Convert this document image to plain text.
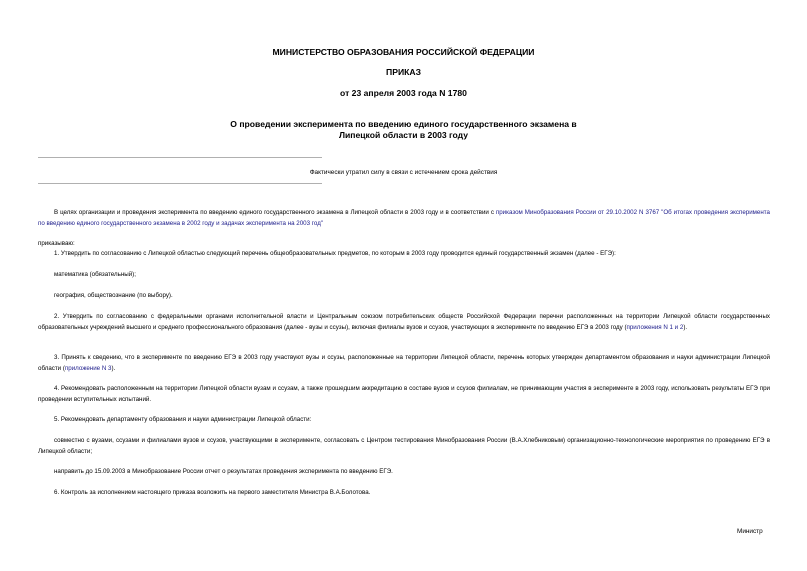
МИНИСТЕРСТВО ОБРАЗОВАНИЯ РОССИЙСКОЙ ФЕДЕРАЦИИ
ПРИКАЗ
от 23 апреля 2003 года N 1780
О проведении эксперимента по введению единого государственного экзамена в
Липецкой области в 2003 году
Фактически утратил силу в связи с истечением срока действия
В целях организации и проведения эксперимента по введению единого государственного экзамена в Липецкой области в 2003 году и в соответствии с приказом Минобразования России от 29.10.2002 N 3767 "Об итогах проведения эксперимента по введению единого государственного экзамена в 2002 году и задачах эксперимента на 2003 год"
приказываю:
1. Утвердить по согласованию с Липецкой областью следующий перечень общеобразовательных предметов, по которым в 2003 году проводится единый государственный экзамен (далее - ЕГЭ):
математика (обязательный);
география, обществознание (по выбору).
2. Утвердить по согласованию с федеральными органами исполнительной власти и Центральным союзом потребительских обществ Российской Федерации перечни расположенных на территории Липецкой области государственных образовательных учреждений высшего и среднего профессионального образования (далее - вузы и ссузы), включая филиалы вузов и ссузов, участвующих в эксперименте по введению ЕГЭ в 2003 году (приложения N 1 и 2).
3. Принять к сведению, что в эксперименте по введению ЕГЭ в 2003 году участвуют вузы и ссузы, расположенные на территории Липецкой области, перечень которых утвержден департаментом образования и науки администрации Липецкой области (приложение N 3).
4. Рекомендовать расположенным на территории Липецкой области вузам и ссузам, а также прошедшим аккредитацию в составе вузов и ссузов филиалам, не принимающим участия в эксперименте в 2003 году, использовать результаты ЕГЭ при проведении вступительных испытаний.
5. Рекомендовать департаменту образования и науки администрации Липецкой области:
совместно с вузами, ссузами и филиалами вузов и ссузов, участвующими в эксперименте, согласовать с Центром тестирования Минобразования России (В.А.Хлебниковым) организационно-технологические мероприятия по проведению ЕГЭ в Липецкой области;
направить до 15.09.2003 в Минобразование России отчет о результатах проведения эксперимента по введению ЕГЭ.
6. Контроль за исполнением настоящего приказа возложить на первого заместителя Министра В.А.Болотова.
Министр
